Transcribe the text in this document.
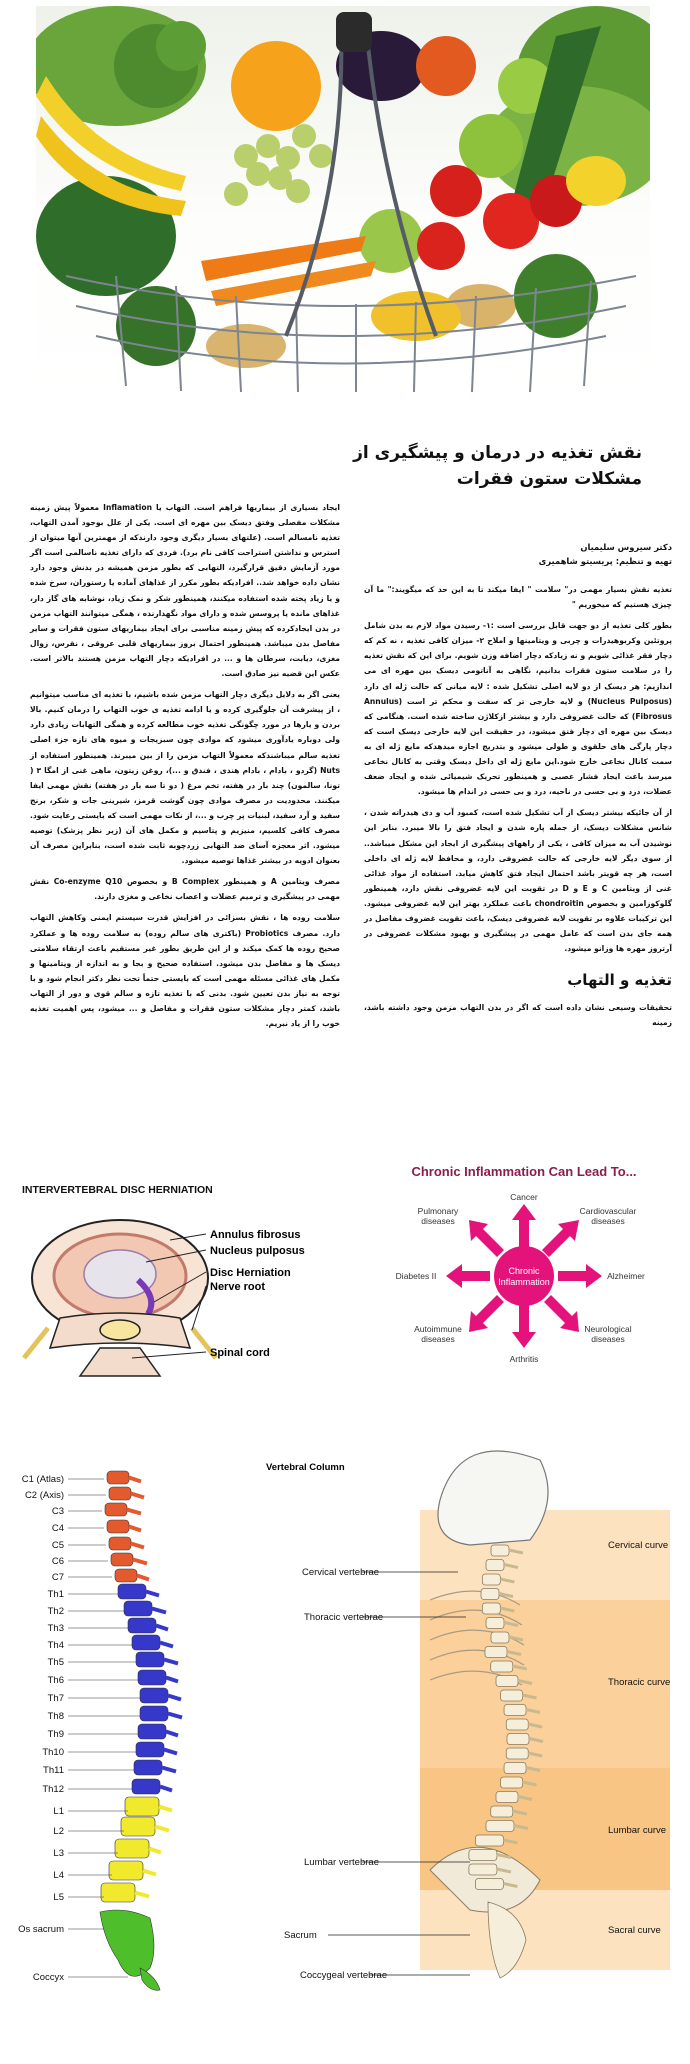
نقش تغذیه در درمان و پیشگیری از
مشکلات ستون فقرات
دکتر سیروس سلیمیان
تهیه و تنظیم: پریسیتو شاهمیری

تغذیه نقش بسیار مهمی در" سلامت " ایفا میکند تا به این حد که میگویند:" ما آن چیزی هستیم که میخوریم "

بطور کلی تغذیه از دو جهت قابل بررسی است :۱- رسیدن مواد لازم به بدن شامل پروتئین وکربوهیدرات و چربی و ویتامینها و املاح ۲- میزان کافی تغذیه ، نه کم که دچار فقر غذائی شویم و نه زیادکه دچار اضافه وزن شویم. برای این که نقش تغذیه را در سلامت ستون فقرات بدانیم، نگاهی به آناتومی دیسک بین مهره ای می اندازیم: هر دیسک از دو لایه اصلی تشکیل شده : لایه میانی که حالت ژله ای دارد (Nucleus Pulposus) و لایه خارجی تر که سفت و محکم تر است (Annulus Fibrosus) که حالت غضروفی دارد و بیشتر ازکلاژن ساخته شده است. هنگامی که دیسک بین مهره ای دچار فتق میشود، در حقیقت این لایه خارجی دیسک است که دچار پارگی های حلقوی و طولی میشود و بتدریج اجازه میدهدکه مایع ژله ای به سمت کانال نخاعی خارج شود.این مایع ژله ای داخل دیسک وقتی به کانال نخاعی میرسد باعث ایجاد فشار عصبی و همینطور تحریک شیمیائی شده و ایجاد ضعف عضلات، درد و بی حسی در ناحیه، درد و بی حسی در اندام ها میشود.

از آن جائیکه بیشتر دیسک از آب تشکیل شده است، کمبود آب و دی هیدراته شدن ، شانس مشکلات دیسک، از جمله پاره شدن و ایجاد فتق را بالا میبرد. بنابر این نوشیدن آب به میزان کافی ، یکی از راههای پیشگیری از ایجاد این مشکل میباشد.. از سوی دیگر لایه خارجی که حالت غضروفی دارد، و محافظ لایه ژله ای داخلی است، هر چه قویتر باشد احتمال ایجاد فتق کاهش میابد. استفاده از مواد غذائی غنی از ویتامین C و E و D در تقویت این لایه غضروفی نقش دارد، همینطور گلوکوزامین و بخصوص chondroitin باعث عملکرد بهتر این لایه غضروفی میشود. این ترکیبات علاوه بر تقویت لایه غضروفی دیسک، باعث تقویت غضروف مفاصل در همه جای بدن است که عامل مهمی در پیشگیری و بهبود مشکلات غضروفی در آرتروز مهره ها وزانو میشود.

تغذیه و التهاب

تحقیقات وسیعی نشان داده است که اگر در بدن التهاب مزمن وجود داشته باشد، زمینه

ایجاد بسیاری از بیماریها فراهم است. التهاب یا Inflamation معمولاً پیش زمینه مشکلات مفصلی وفتق دیسک بین مهره ای است. یکی از علل بوجود آمدن التهاب، تغذیه نامسالم است. (علتهای بسیار دیگری وجود دارندکه از مهمترین آنها میتوان از استرس و نداشتن استراحت کافی نام برد). فردی که دارای تغذیه ناسالمی است اگر مورد آزمایش دقیق قرارگیرد، التهابی که بطور مزمن همیشه در بدنش وجود دارد نشان داده خواهد شد.. افرادیکه بطور مکرر از غذاهای آماده یا رستوران، سرخ شده و یا زیاد پخته شده استفاده میکنند، همینطور شکر و نمک زیاد، نوشابه های گاز دار، غذاهای مانده یا پروسس شده و دارای مواد نگهدارنده ، همگی میتوانند التهاب مزمن در بدن ایجادکرده که پیش زمینه مناسبی برای ایجاد بیماریهای ستون فقرات و سایر مفاصل بدن میباشد. همینطور احتمال بروز بیماریهای قلبی عروقی ، نقرس، زوال مغزی، دیابت، سرطان ها و ... در افرادیکه دچار التهاب مزمن هستند بالاتر است. عکس این قضیه نیز صادق است.

یعنی اگر به دلایل دیگری دچار التهاب مزمن شده باشیم، با تغذیه ای مناسب میتوانیم ، از پیشرفت آن جلوگیری کرده و یا ادامه تغذیه ی خوب التهاب را درمان کنیم. بالا بردن و یارها در مورد چگونگی تغذیه خوب مطالعه کرده و همگی التهابات زیادی دارد ولی دوباره یادآوری میشود که موادی چون سبزیجات و میوه های تازه جزء اصلی تغذیه سالم میباشندکه معمولاً التهاب مزمن را از بین میبرند. همینطور استفاده از Nuts (گردو ، بادام ، بادام هندی ، فندق و ...)، روغن زیتون، ماهی غنی از امگا ۳ ( تونا، سالمون) چند بار در هفته، تخم مرغ ( دو تا سه بار در هفته) نقش مهمی ایفا میکنند. محدودیت در مصرف موادی چون گوشت قرمز، شیرینی جات و شکر، برنج سفید و آرد سفید، لبنیات پر چرب و ...، از نکات مهمی است که بایستی رعایت شود. مصرف کافی کلسیم، منیزیم و پتاسیم و مکمل های آن (زیر نظر پزشک) توصیه میشود. اثر معجزه آسای ضد التهابی زردچوبه ثابت شده است، بنابراین مصرف آن بعنوان ادویه در بیشتر غذاها توصیه میشود.

مصرف ویتامین A و همینطور B Complex و بخصوص Co-enzyme Q10 نقش مهمی در پیشگیری و ترمیم عضلات و اعصاب نخاعی و مغزی دارند.

سلامت روده ها ، نقش بسزائی در افزایش قدرت سیستم ایمنی وکاهش التهاب دارد. مصرف Probiotics (باکتری های سالم روده) به سلامت روده ها و عملکرد صحیح روده ها کمک میکند و از این طریق بطور غیر مستقیم باعث ارتقاء سلامتی دیسک ها و مفاصل بدن میشود. استفاده صحیح و بجا و به اندازه از ویتامینها و مکمل های غذائی مسئله مهمی است که بایستی حتماً تحت نظر دکتر انجام شود و با توجه به نیاز بدن تعیین شود. بدنی که با تغذیه تازه و سالم قوی و دور از التهاب باشد، کمتر دچار مشکلات ستون فقرات و مفاصل و ... میشود، پس اهمیت تغذیه خوب را از یاد نبریم.

INTERVERTEBRAL DISC HERNIATION
Annulus fibrosus
Nucleus pulposus
Disc Herniation
Nerve root
Spinal cord
Chronic Inflammation Can Lead To...
Chronic
Inflammation
Cancer
Cardiovascular
diseases
Alzheimer
Neurological
diseases
Arthritis
Autoimmune
diseases
Diabetes II
Pulmonary
diseases
Vertebral Column
C1 (Atlas)
C2 (Axis)
C3
C4
C5
C6
C7
Th1
Th2
Th3
Th4
Th5
Th6
Th7
Th8
Th9
Th10
Th11
Th12
L1
L2
L3
L4
L5
Os sacrum
Coccyx
Cervical vertebrae
Thoracic vertebrae
Lumbar vertebrae
Sacrum
Coccygeal vertebrae
Cervical curve
Thoracic curve
Lumbar curve
Sacral curve
